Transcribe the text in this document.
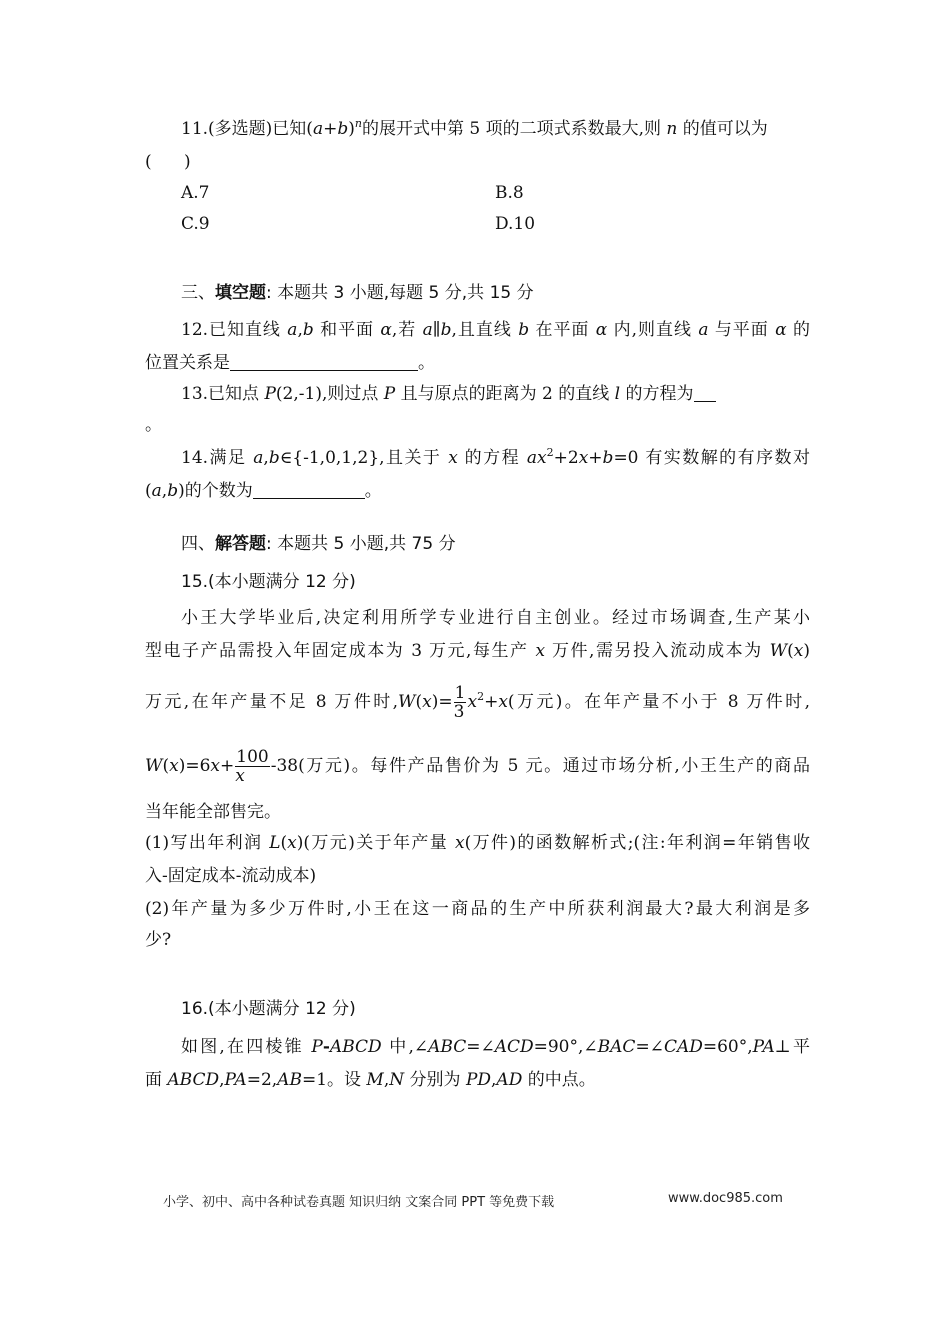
11.(多选题)已知$(a+b)^n$的展开式中第 5 项的二项式系数最大,则 n 的值可以为
(      )
A.7	B.8
C.9	D.10
三、填空题: 本题共 3 小题,每题 5 分,共 15 分
12.已知直线 a,b 和平面 α,若 a∥b,且直线 b 在平面 α 内,则直线 a 与平面 α 的
位置关系是	。
13.已知点 P(2,-1),则过点 P 且与原点的距离为 2 的直线 l 的方程为
。
14.满足 a,b∈{-1,0,1,2},且关于 x 的方程 $ax^2+2x+b=0$ 有实数解的有序数对
(a,b)的个数为	。
四、解答题: 本题共 5 小题,共 75 分
15.(本小题满分 12 分)
小王大学毕业后,决定利用所学专业进行自主创业。经过市场调查,生产某小
型电子产品需投入年固定成本为 3 万元,每生产 x 万件,需另投入流动成本为 W(x)
万元,在年产量不足 8 万件时$,W(x)= \frac{1}{3} x^2+x$(万元)。在年产量不小于 8 万件时,
$W(x)=6x+ \frac{100}{x} -38$(万元)。每件产品售价为 5 元。通过市场分析,小王生产的商品
当年能全部售完。
(1)写出年利润 L(x)(万元)关于年产量 x(万件)的函数解析式;(注:年利润=年销售收
入-固定成本-流动成本)
(2)年产量为多少万件时,小王在这一商品的生产中所获利润最大?最大利润是多
少?
16.(本小题满分 12 分)
如图,在四棱锥 P-ABCD 中,∠ABC=∠ACD=90°,∠BAC=∠CAD=60°,PA⊥平
面 ABCD,PA=2,AB=1。设 M,N 分别为 PD,AD 的中点。
小学、初中、高中各种试卷真题 知识归纳 文案合同 PPT 等免费下载	www.doc985.com
